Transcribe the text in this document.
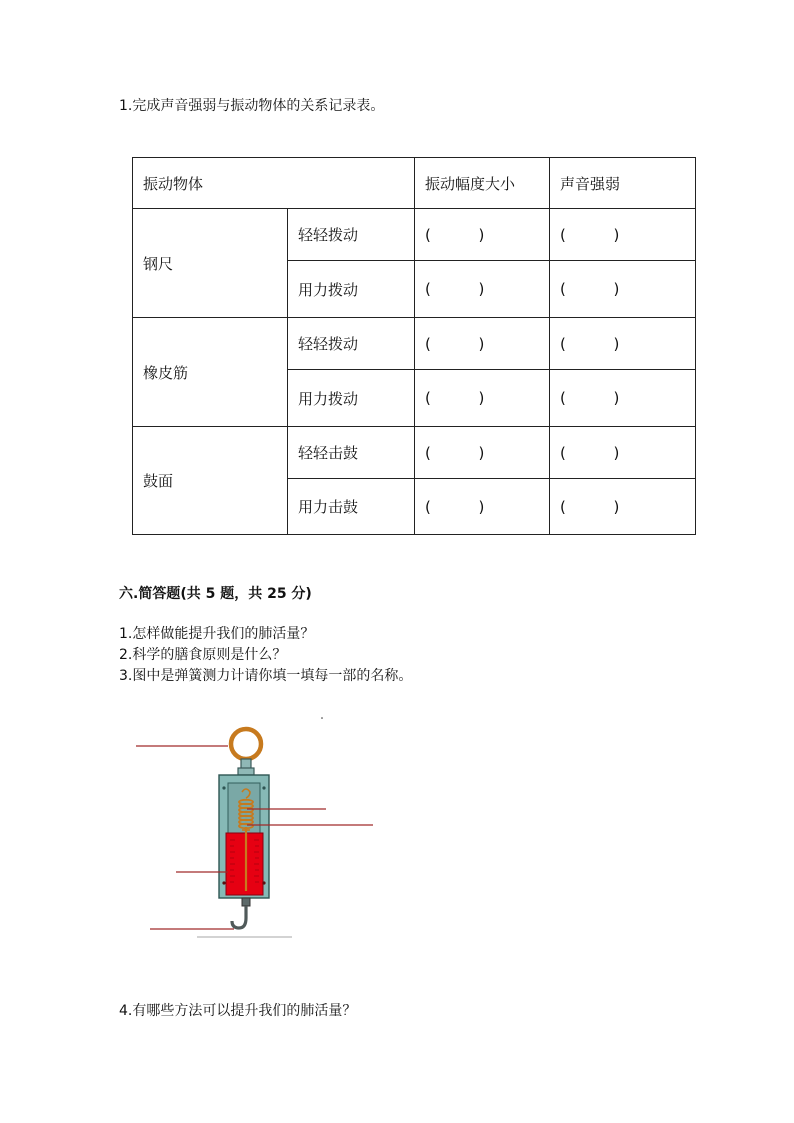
1.完成声音强弱与振动物体的关系记录表。
振动物体		振动幅度大小	声音强弱
钢尺	轻轻拨动	(          )	(          )
	用力拨动	(          )	(          )
橡皮筋	轻轻拨动	(          )	(          )
	用力拨动	(          )	(          )
鼓面	轻轻击鼓	(          )	(          )
	用力击鼓	(          )	(          )
六.简答题(共 5 题，共 25 分)
1.怎样做能提升我们的肺活量？
2.科学的膳食原则是什么？
3.图中是弹簧测力计请你填一填每一部的名称。
4.有哪些方法可以提升我们的肺活量？
